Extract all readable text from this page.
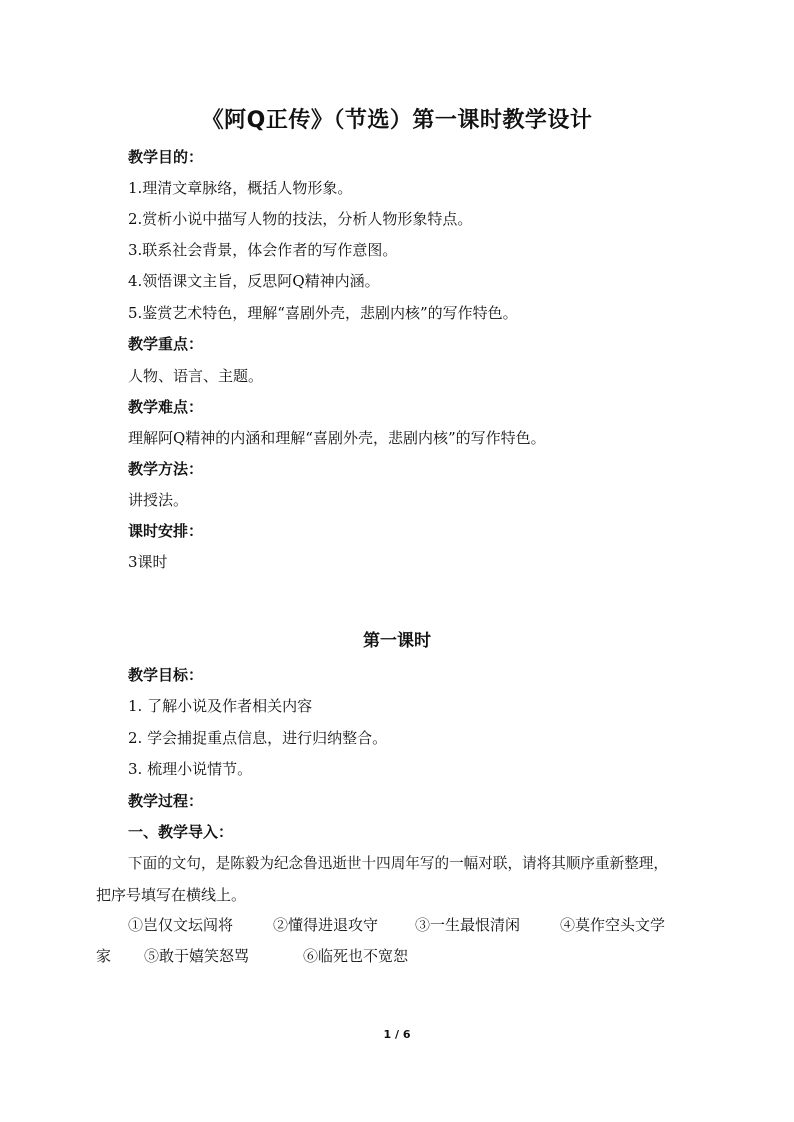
《阿Q正传》（节选）第一课时教学设计
教学目的：
1.理清文章脉络，概括人物形象。
2.赏析小说中描写人物的技法，分析人物形象特点。
3.联系社会背景，体会作者的写作意图。
4.领悟课文主旨，反思阿Q精神内涵。
5.鉴赏艺术特色，理解“喜剧外壳，悲剧内核”的写作特色。
教学重点：
人物、语言、主题。
教学难点：
理解阿Q精神的内涵和理解“喜剧外壳，悲剧内核”的写作特色。
教学方法：
讲授法。
课时安排：
3课时
第一课时
教学目标：
1. 了解小说及作者相关内容
2. 学会捕捉重点信息，进行归纳整合。
3. 梳理小说情节。
教学过程：
一、教学导入：
下面的文句，是陈毅为纪念鲁迅逝世十四周年写的一幅对联，请将其顺序重新整理，
把序号填写在横线上。
①岂仅文坛闯将	②懂得进退攻守 ③一生最恨清闲	④莫作空头文学
家 ⑤敢于嬉笑怒骂	⑥临死也不宽恕
1 / 6
